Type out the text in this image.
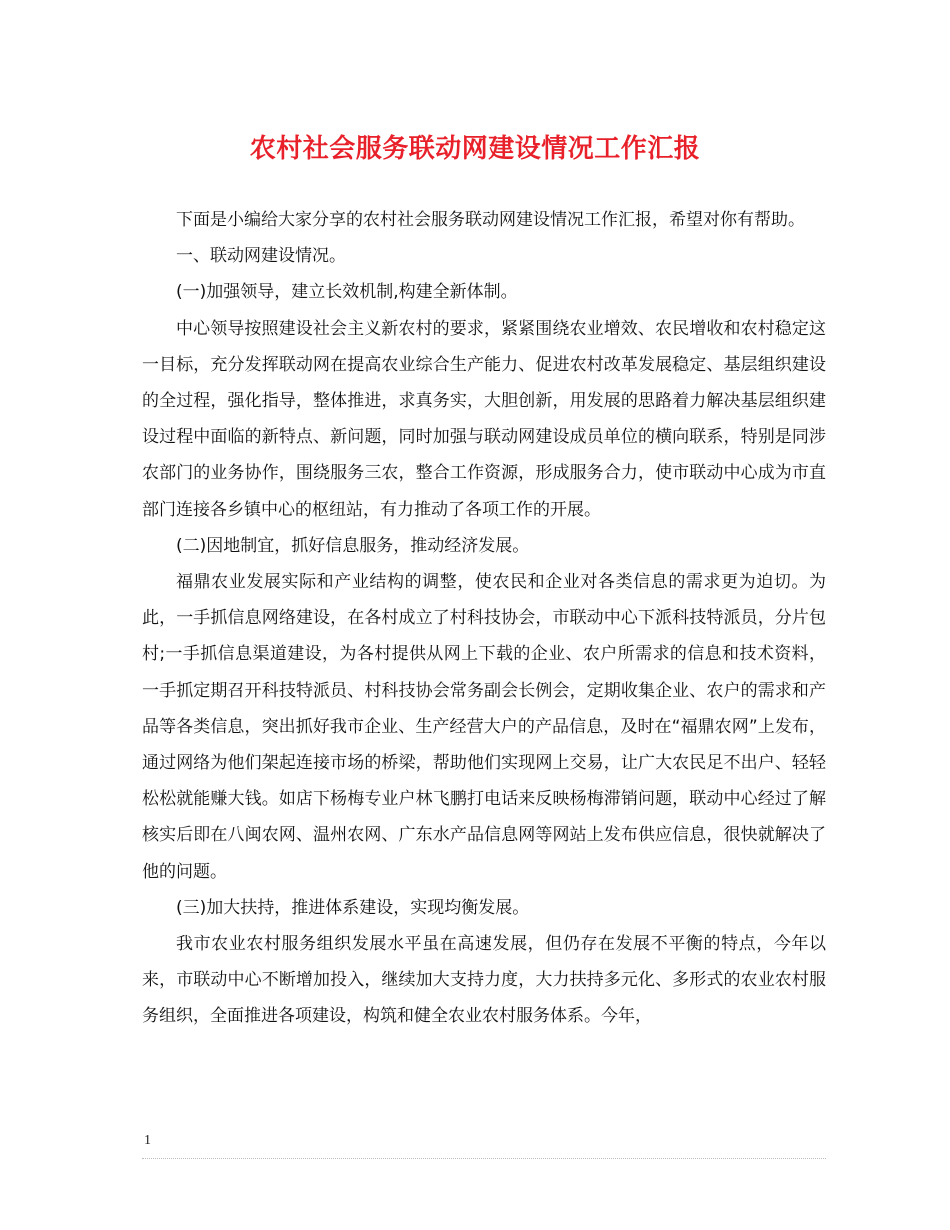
农村社会服务联动网建设情况工作汇报

下面是小编给大家分享的农村社会服务联动网建设情况工作汇报，希望对你有帮助。

一、联动网建设情况。

(一)加强领导，建立长效机制,构建全新体制。

中心领导按照建设社会主义新农村的要求，紧紧围绕农业增效、农民增收和农村稳定这一目标，充分发挥联动网在提高农业综合生产能力、促进农村改革发展稳定、基层组织建设的全过程，强化指导，整体推进，求真务实，大胆创新，用发展的思路着力解决基层组织建设过程中面临的新特点、新问题，同时加强与联动网建设成员单位的横向联系，特别是同涉农部门的业务协作，围绕服务三农，整合工作资源，形成服务合力，使市联动中心成为市直部门连接各乡镇中心的枢纽站，有力推动了各项工作的开展。

(二)因地制宜，抓好信息服务，推动经济发展。

福鼎农业发展实际和产业结构的调整，使农民和企业对各类信息的需求更为迫切。为此，一手抓信息网络建设，在各村成立了村科技协会，市联动中心下派科技特派员，分片包村;一手抓信息渠道建设，为各村提供从网上下载的企业、农户所需求的信息和技术资料， 一手抓定期召开科技特派员、村科技协会常务副会长例会，定期收集企业、农户的需求和产品等各类信息，突出抓好我市企业、生产经营大户的产品信息，及时在“福鼎农网”上发布，通过网络为他们架起连接市场的桥梁，帮助他们实现网上交易，让广大农民足不出户、轻轻松松就能赚大钱。如店下杨梅专业户林飞鹏打电话来反映杨梅滞销问题，联动中心经过了解核实后即在八闽农网、温州农网、广东水产品信息网等网站上发布供应信息，很快就解决了他的问题。

(三)加大扶持，推进体系建设，实现均衡发展。

我市农业农村服务组织发展水平虽在高速发展，但仍存在发展不平衡的特点，今年以来，市联动中心不断增加投入，继续加大支持力度，大力扶持多元化、多形式的农业农村服务组织，全面推进各项建设，构筑和健全农业农村服务体系。今年，

1
